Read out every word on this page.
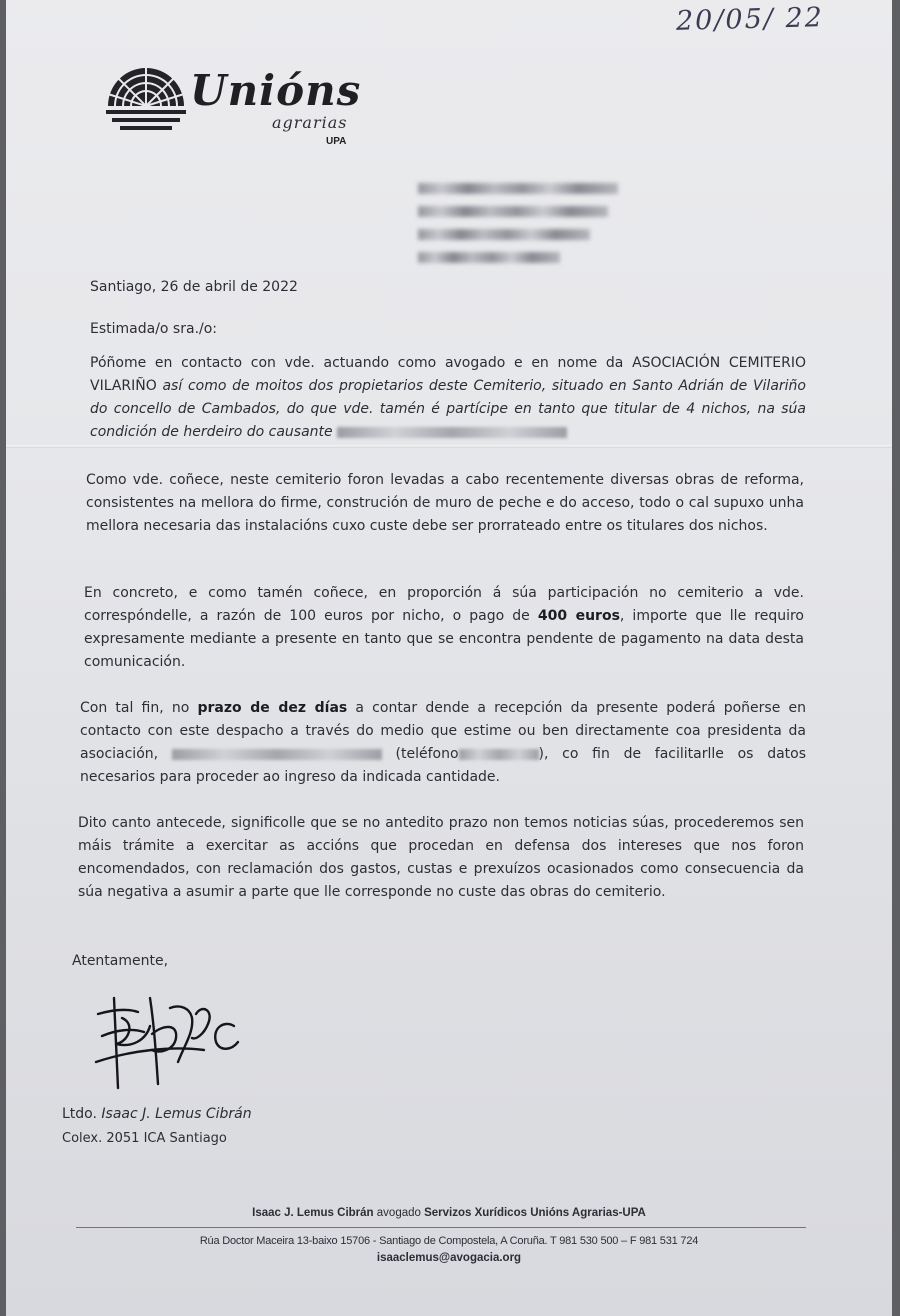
20/05/ 22
Unións
agrarias
UPA
Santiago, 26 de abril de 2022
Estimada/o sra./o:

Póñome en contacto con vde. actuando como avogado e en nome da ASOCIACIÓN CEMITERIO VILARIÑO así como de moitos dos propietarios deste Cemiterio, situado en Santo Adrián de Vilariño do concello de Cambados, do que vde. tamén é partícipe en tanto que titular de 4 nichos, na súa condición de herdeiro do causante

Como vde. coñece, neste cemiterio foron levadas a cabo recentemente diversas obras de reforma, consistentes na mellora do firme, construción de muro de peche e do acceso, todo o cal supuxo unha mellora necesaria das instalacións cuxo custe debe ser prorrateado entre os titulares dos nichos.

En concreto, e como tamén coñece, en proporción á súa participación no cemiterio a vde. correspóndelle, a razón de 100 euros por nicho, o pago de 400 euros, importe que lle requiro expresamente mediante a presente en tanto que se encontra pendente de pagamento na data desta comunicación.

Con tal fin, no prazo de dez días a contar dende a recepción da presente poderá poñerse en contacto con este despacho a través do medio que estime ou ben directamente coa presidenta da asociación,	(teléfono	), co fin de facilitarlle os datos necesarios para proceder ao ingreso da indicada cantidade.

Dito canto antecede, significolle que se no antedito prazo non temos noticias súas, procederemos sen máis trámite a exercitar as accións que procedan en defensa dos intereses que nos foron encomendados, con reclamación dos gastos, custas e prexuízos ocasionados como consecuencia da súa negativa a asumir a parte que lle corresponde no custe das obras do cemiterio.

Atentamente,
Ltdo. Isaac J. Lemus Cibrán
Colex. 2051 ICA Santiago
Isaac J. Lemus Cibrán avogado Servizos Xurídicos Unións Agrarias-UPA
Rúa Doctor Maceira 13-baixo 15706 - Santiago de Compostela, A Coruña. T 981 530 500 – F 981 531 724
isaaclemus@avogacia.org
